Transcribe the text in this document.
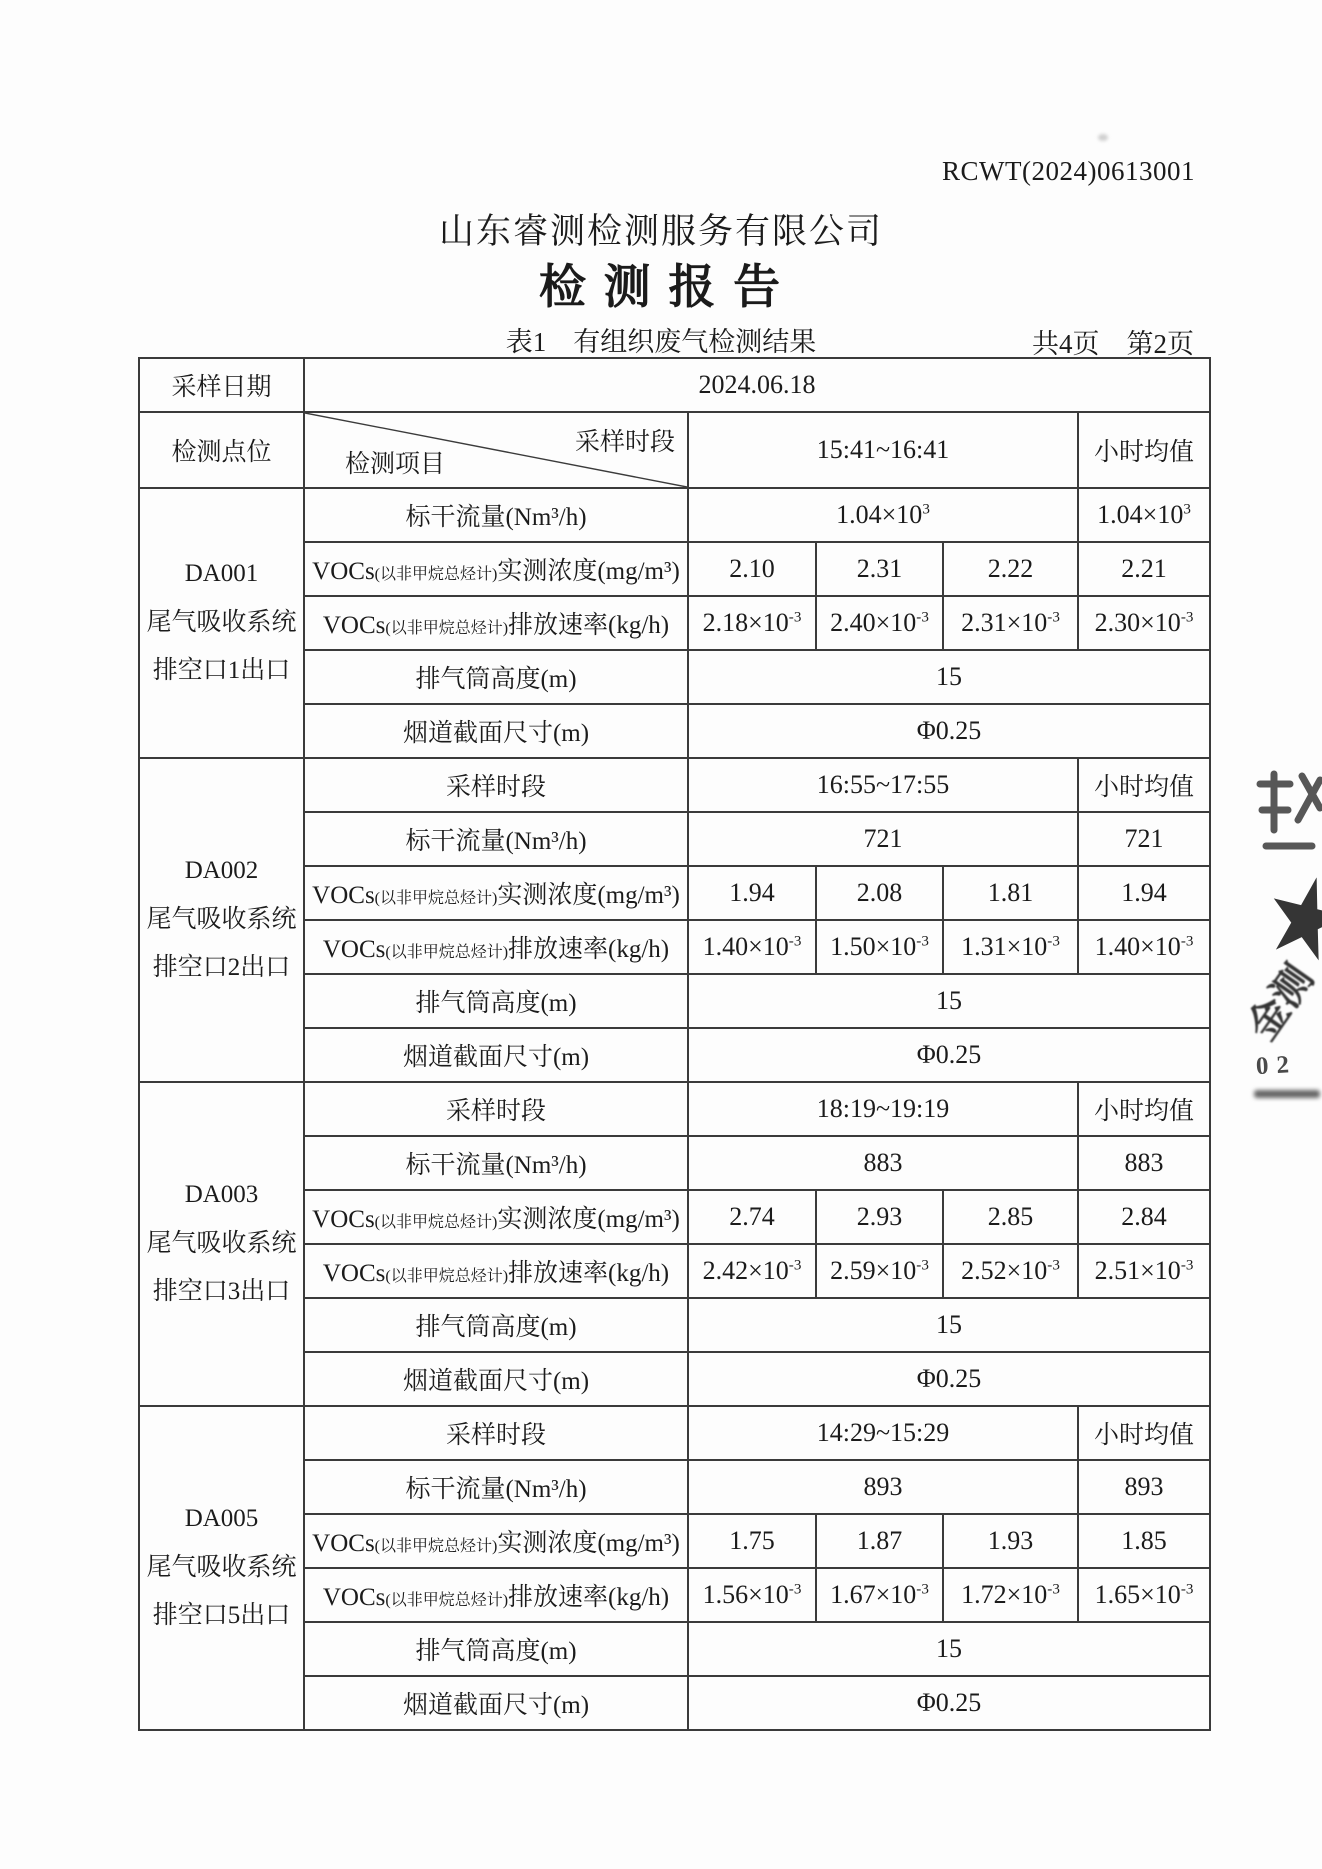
RCWT(2024)0613001
山东睿测检测服务有限公司
检 测 报 告
表1　有组织废气检测结果	共4页　第2页
采样日期	2024.06.18				
检测点位	采样时段
检测项目	15:41~16:41			小时均值

DA001
尾气吸收系统
排空口1出口	标干流量(Nm³/h)	$1.04\times 10^3$			$1.04\times 10^3$
	VOCs(以非甲烷总烃计)实测浓度(mg/m³)	2.10	2.31	2.22	2.21
	VOCs(以非甲烷总烃计)排放速率(kg/h)	$2.18\times 10^{-3}$	$2.40\times 10^{-3}$	$2.31\times 10^{-3}$	$2.30\times 10^{-3}$
	排气筒高度(m)	15			
	烟道截面尺寸(m)	Φ0.25			

DA002
尾气吸收系统
排空口2出口	采样时段	16:55~17:55			小时均值
	标干流量(Nm³/h)	721			721
	VOCs(以非甲烷总烃计)实测浓度(mg/m³)	1.94	2.08	1.81	1.94
	VOCs(以非甲烷总烃计)排放速率(kg/h)	$1.40\times 10^{-3}$	$1.50\times 10^{-3}$	$1.31\times 10^{-3}$	$1.40\times 10^{-3}$
	排气筒高度(m)	15			
	烟道截面尺寸(m)	Φ0.25			

DA003
尾气吸收系统
排空口3出口	采样时段	18:19~19:19			小时均值
	标干流量(Nm³/h)	883			883
	VOCs(以非甲烷总烃计)实测浓度(mg/m³)	2.74	2.93	2.85	2.84
	VOCs(以非甲烷总烃计)排放速率(kg/h)	$2.42\times 10^{-3}$	$2.59\times 10^{-3}$	$2.52\times 10^{-3}$	$2.51\times 10^{-3}$
	排气筒高度(m)	15			
	烟道截面尺寸(m)	Φ0.25			

DA005
尾气吸收系统
排空口5出口	采样时段	14:29~15:29			小时均值
	标干流量(Nm³/h)	893			893
	VOCs(以非甲烷总烃计)实测浓度(mg/m³)	1.75	1.87	1.93	1.85
	VOCs(以非甲烷总烃计)排放速率(kg/h)	$1.56\times 10^{-3}$	$1.67\times 10^{-3}$	$1.72\times 10^{-3}$	$1.65\times 10^{-3}$
	排气筒高度(m)	15			
	烟道截面尺寸(m)	Φ0.25			
金测
02
